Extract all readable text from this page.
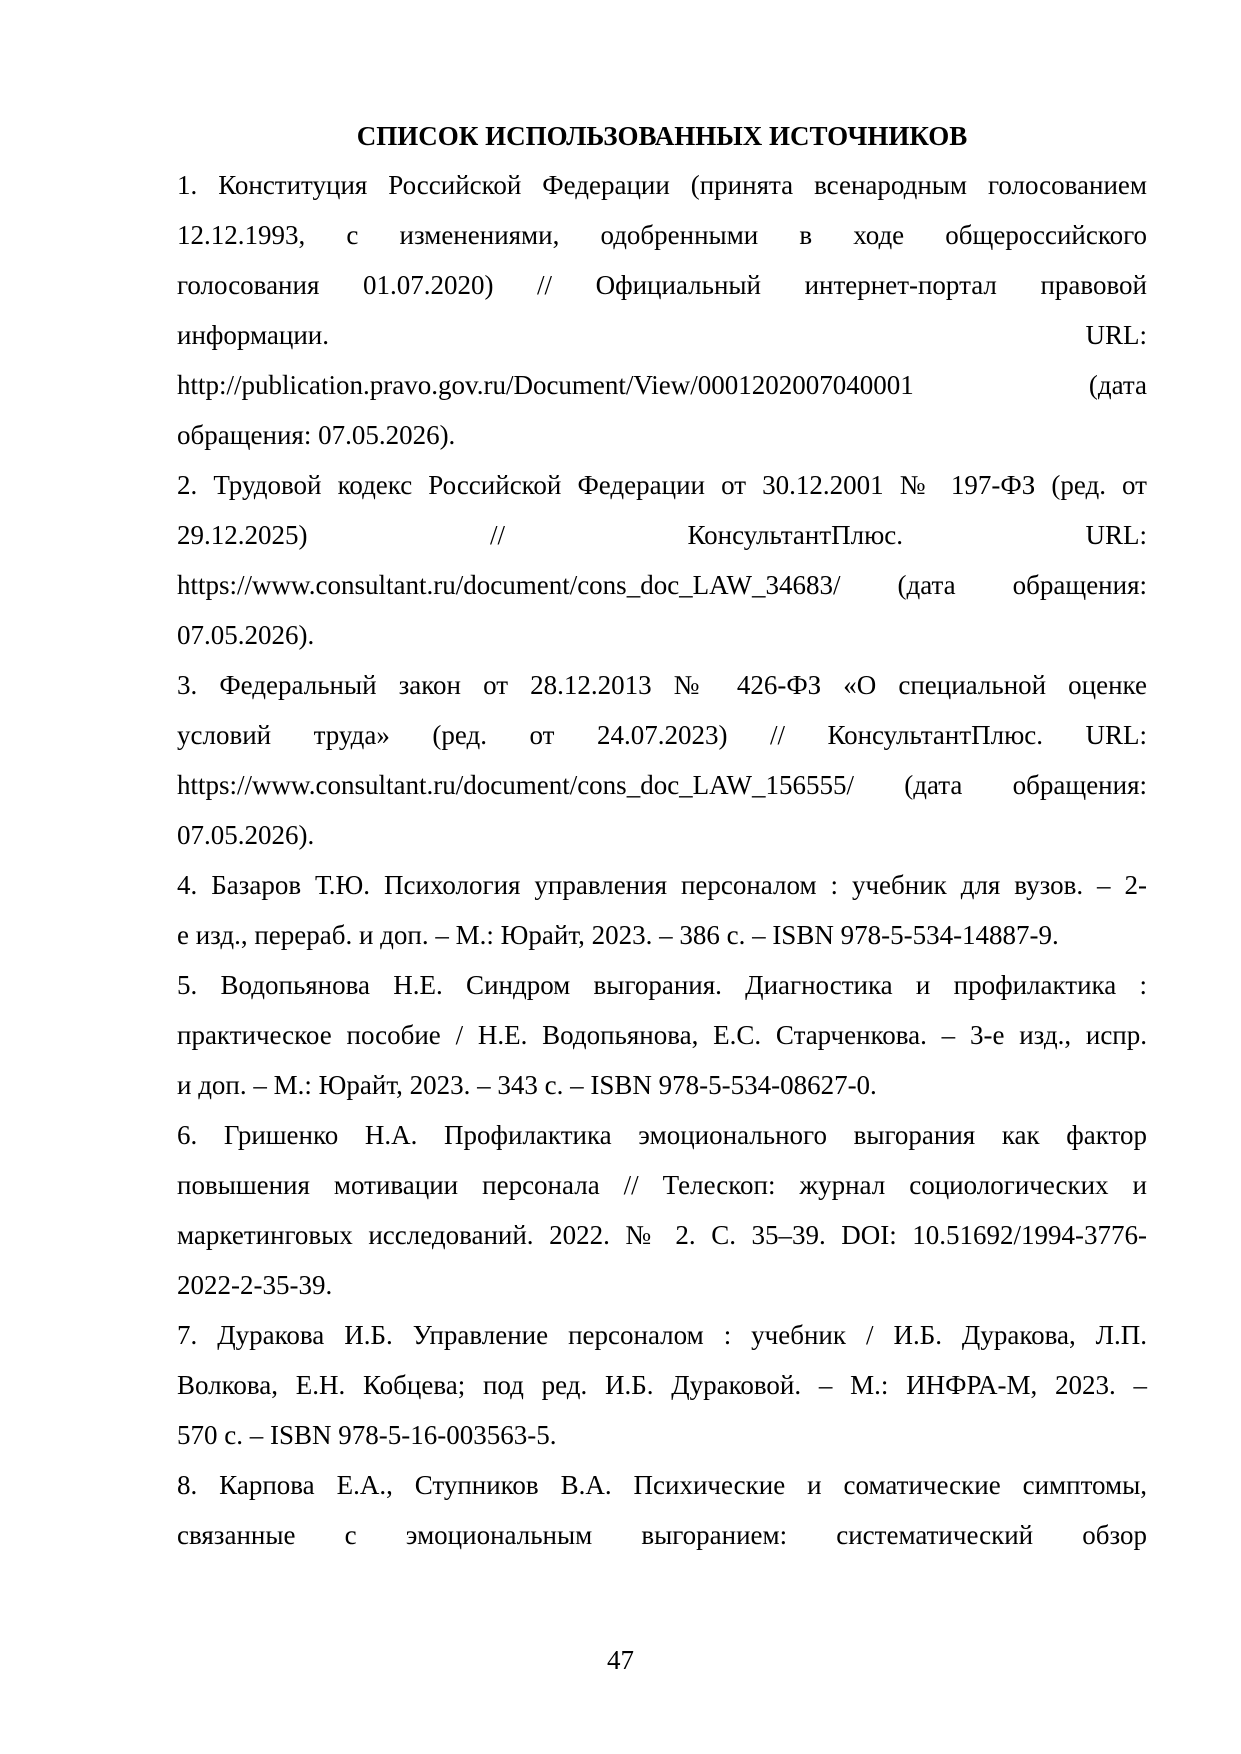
СПИСОК ИСПОЛЬЗОВАННЫХ ИСТОЧНИКОВ
1. Конституция Российской Федерации (принята всенародным голосованием
12.12.1993, с изменениями, одобренными в ходе общероссийского
голосования 01.07.2020) // Официальный интернет-портал правовой
информации. URL:
http://publication.pravo.gov.ru/Document/View/0001202007040001 (дата
обращения: 07.05.2026).
2. Трудовой кодекс Российской Федерации от 30.12.2001 № 197-ФЗ (ред. от
29.12.2025) // КонсультантПлюс. URL:
https://www.consultant.ru/document/cons_doc_LAW_34683/ (дата обращения:
07.05.2026).
3. Федеральный закон от 28.12.2013 № 426-ФЗ «О специальной оценке
условий труда» (ред. от 24.07.2023) // КонсультантПлюс. URL:
https://www.consultant.ru/document/cons_doc_LAW_156555/ (дата обращения:
07.05.2026).
4. Базаров Т.Ю. Психология управления персоналом : учебник для вузов. – 2-
е изд., перераб. и доп. – М.: Юрайт, 2023. – 386 с. – ISBN 978-5-534-14887-9.
5. Водопьянова Н.Е. Синдром выгорания. Диагностика и профилактика :
практическое пособие / Н.Е. Водопьянова, Е.С. Старченкова. – 3-е изд., испр.
и доп. – М.: Юрайт, 2023. – 343 с. – ISBN 978-5-534-08627-0.
6. Гришенко Н.А. Профилактика эмоционального выгорания как фактор
повышения мотивации персонала // Телескоп: журнал социологических и
маркетинговых исследований. 2022. № 2. С. 35–39. DOI: 10.51692/1994-3776-
2022-2-35-39.
7. Дуракова И.Б. Управление персоналом : учебник / И.Б. Дуракова, Л.П.
Волкова, Е.Н. Кобцева; под ред. И.Б. Дураковой. – М.: ИНФРА-М, 2023. –
570 с. – ISBN 978-5-16-003563-5.
8. Карпова Е.А., Ступников В.А. Психические и соматические симптомы,
связанные с эмоциональным выгоранием: систематический обзор
47
